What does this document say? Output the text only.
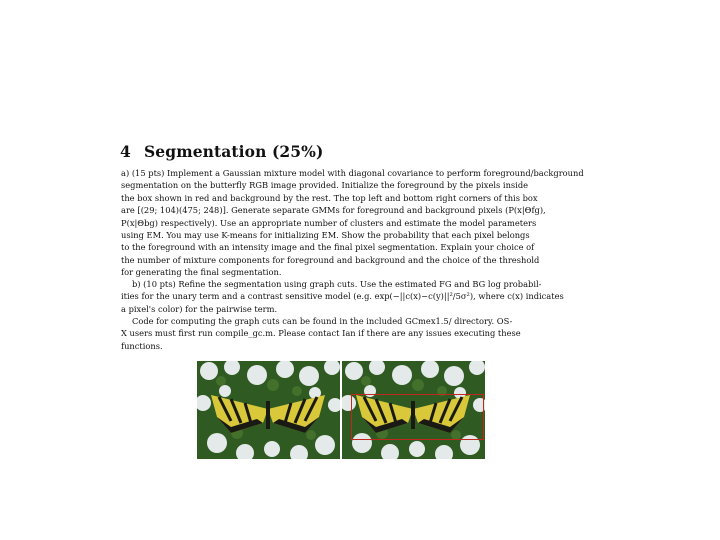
4 Segmentation (25%)
a) (15 pts) Implement a Gaussian mixture model with diagonal covariance to perform foreground/background
segmentation on the butterfly RGB image provided. Initialize the foreground by the pixels inside
the box shown in red and background by the rest. The top left and bottom right corners of this box
are [(29; 104)(475; 248)]. Generate separate GMMs for foreground and background pixels (P(x|Θfg),
P(x|Θbg) respectively). Use an appropriate number of clusters and estimate the model parameters
using EM. You may use K-means for initializing EM. Show the probability that each pixel belongs
to the foreground with an intensity image and the final pixel segmentation. Explain your choice of
the number of mixture components for foreground and background and the choice of the threshold
for generating the final segmentation.
b) (10 pts) Refine the segmentation using graph cuts. Use the estimated FG and BG log probabil-
ities for the unary term and a contrast sensitive model (e.g. exp(−||c(x)−c(y)||²/5σ²), where c(x) indicates
a pixel's color) for the pairwise term.
Code for computing the graph cuts can be found in the included GCmex1.5/ directory. OS-
X users must first run compile_gc.m. Please contact Ian if there are any issues executing these
functions.
